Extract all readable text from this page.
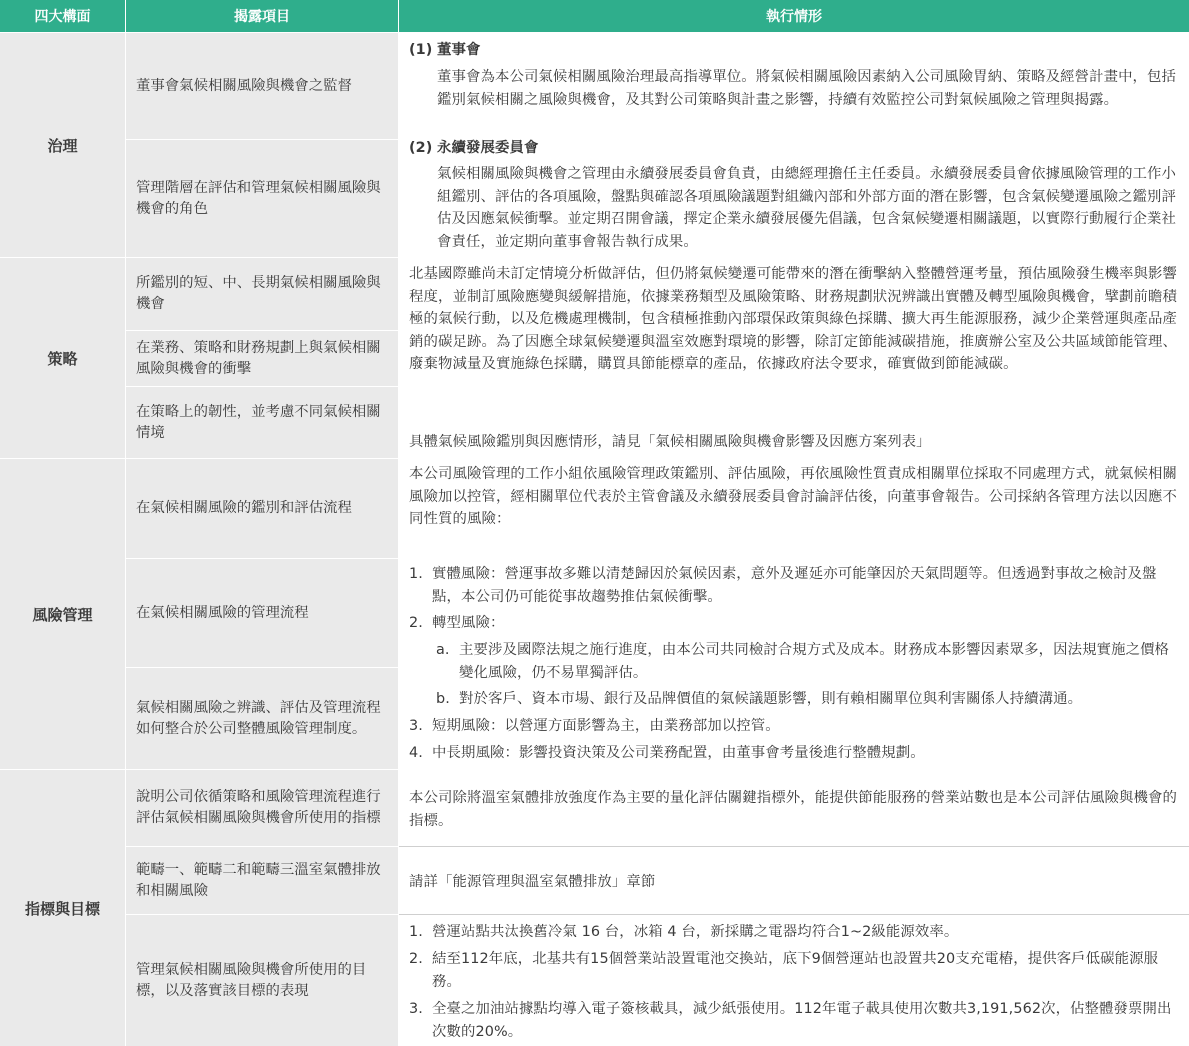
四大構面	揭露項目	執行情形
治理
董事會氣候相關風險與機會之監督
管理階層在評估和管理氣候相關風險與機會的角色
(1) 董事會
董事會為本公司氣候相關風險治理最高指導單位。將氣候相關風險因素納入公司風險胃納、策略及經營計畫中，包括鑑別氣候相關之風險與機會，及其對公司策略與計畫之影響，持續有效監控公司對氣候風險之管理與揭露。
(2) 永續發展委員會
氣候相關風險與機會之管理由永續發展委員會負責，由總經理擔任主任委員。永續發展委員會依據風險管理的工作小組鑑別、評估的各項風險，盤點與確認各項風險議題對組織內部和外部方面的潛在影響，包含氣候變遷風險之鑑別評估及因應氣候衝擊。並定期召開會議，擇定企業永續發展優先倡議，包含氣候變遷相關議題，以實際行動履行企業社會責任，並定期向董事會報告執行成果。
策略
所鑑別的短、中、長期氣候相關風險與機會
在業務、策略和財務規劃上與氣候相關風險與機會的衝擊
在策略上的韌性，並考慮不同氣候相關情境
北基國際雖尚未訂定情境分析做評估，但仍將氣候變遷可能帶來的潛在衝擊納入整體營運考量，預估風險發生機率與影響程度，並制訂風險應變與緩解措施，依據業務類型及風險策略、財務規劃狀況辨識出實體及轉型風險與機會，擘劃前瞻積極的氣候行動，以及危機處理機制，包含積極推動內部環保政策與綠色採購、擴大再生能源服務，減少企業營運與產品產銷的碳足跡。為了因應全球氣候變遷與溫室效應對環境的影響，除訂定節能減碳措施，推廣辦公室及公共區域節能管理、廢棄物減量及實施綠色採購，購買具節能標章的產品，依據政府法令要求，確實做到節能減碳。
具體氣候風險鑑別與因應情形，請見「氣候相關風險與機會影響及因應方案列表」
風險管理
在氣候相關風險的鑑別和評估流程
在氣候相關風險的管理流程
氣候相關風險之辨識、評估及管理流程如何整合於公司整體風險管理制度。
本公司風險管理的工作小組依風險管理政策鑑別、評估風險，再依風險性質責成相關單位採取不同處理方式，就氣候相關風險加以控管，經相關單位代表於主管會議及永續發展委員會討論評估後，向董事會報告。公司採納各管理方法以因應不同性質的風險：
1. 實體風險：營運事故多難以清楚歸因於氣候因素，意外及遲延亦可能肇因於天氣問題等。但透過對事故之檢討及盤點，本公司仍可能從事故趨勢推估氣候衝擊。
2. 轉型風險：
a. 主要涉及國際法規之施行進度，由本公司共同檢討合規方式及成本。財務成本影響因素眾多，因法規實施之價格變化風險，仍不易單獨評估。
b. 對於客戶、資本市場、銀行及品牌價值的氣候議題影響，則有賴相關單位與利害關係人持續溝通。
3. 短期風險：以營運方面影響為主，由業務部加以控管。
4. 中長期風險：影響投資決策及公司業務配置，由董事會考量後進行整體規劃。
指標與目標
說明公司依循策略和風險管理流程進行評估氣候相關風險與機會所使用的指標
範疇一、範疇二和範疇三溫室氣體排放和相關風險
管理氣候相關風險與機會所使用的目標，以及落實該目標的表現
本公司除將溫室氣體排放強度作為主要的量化評估關鍵指標外，能提供節能服務的營業站數也是本公司評估風險與機會的指標。
請詳「能源管理與溫室氣體排放」章節
1. 營運站點共汰換舊冷氣 16 台，冰箱 4 台，新採購之電器均符合1~2級能源效率。
2. 結至112年底，北基共有15個營業站設置電池交換站，底下9個營運站也設置共20支充電樁，提供客戶低碳能源服務。
3. 全臺之加油站據點均導入電子簽核載具，減少紙張使用。112年電子載具使用次數共3,191,562次，佔整體發票開出次數的20%。
